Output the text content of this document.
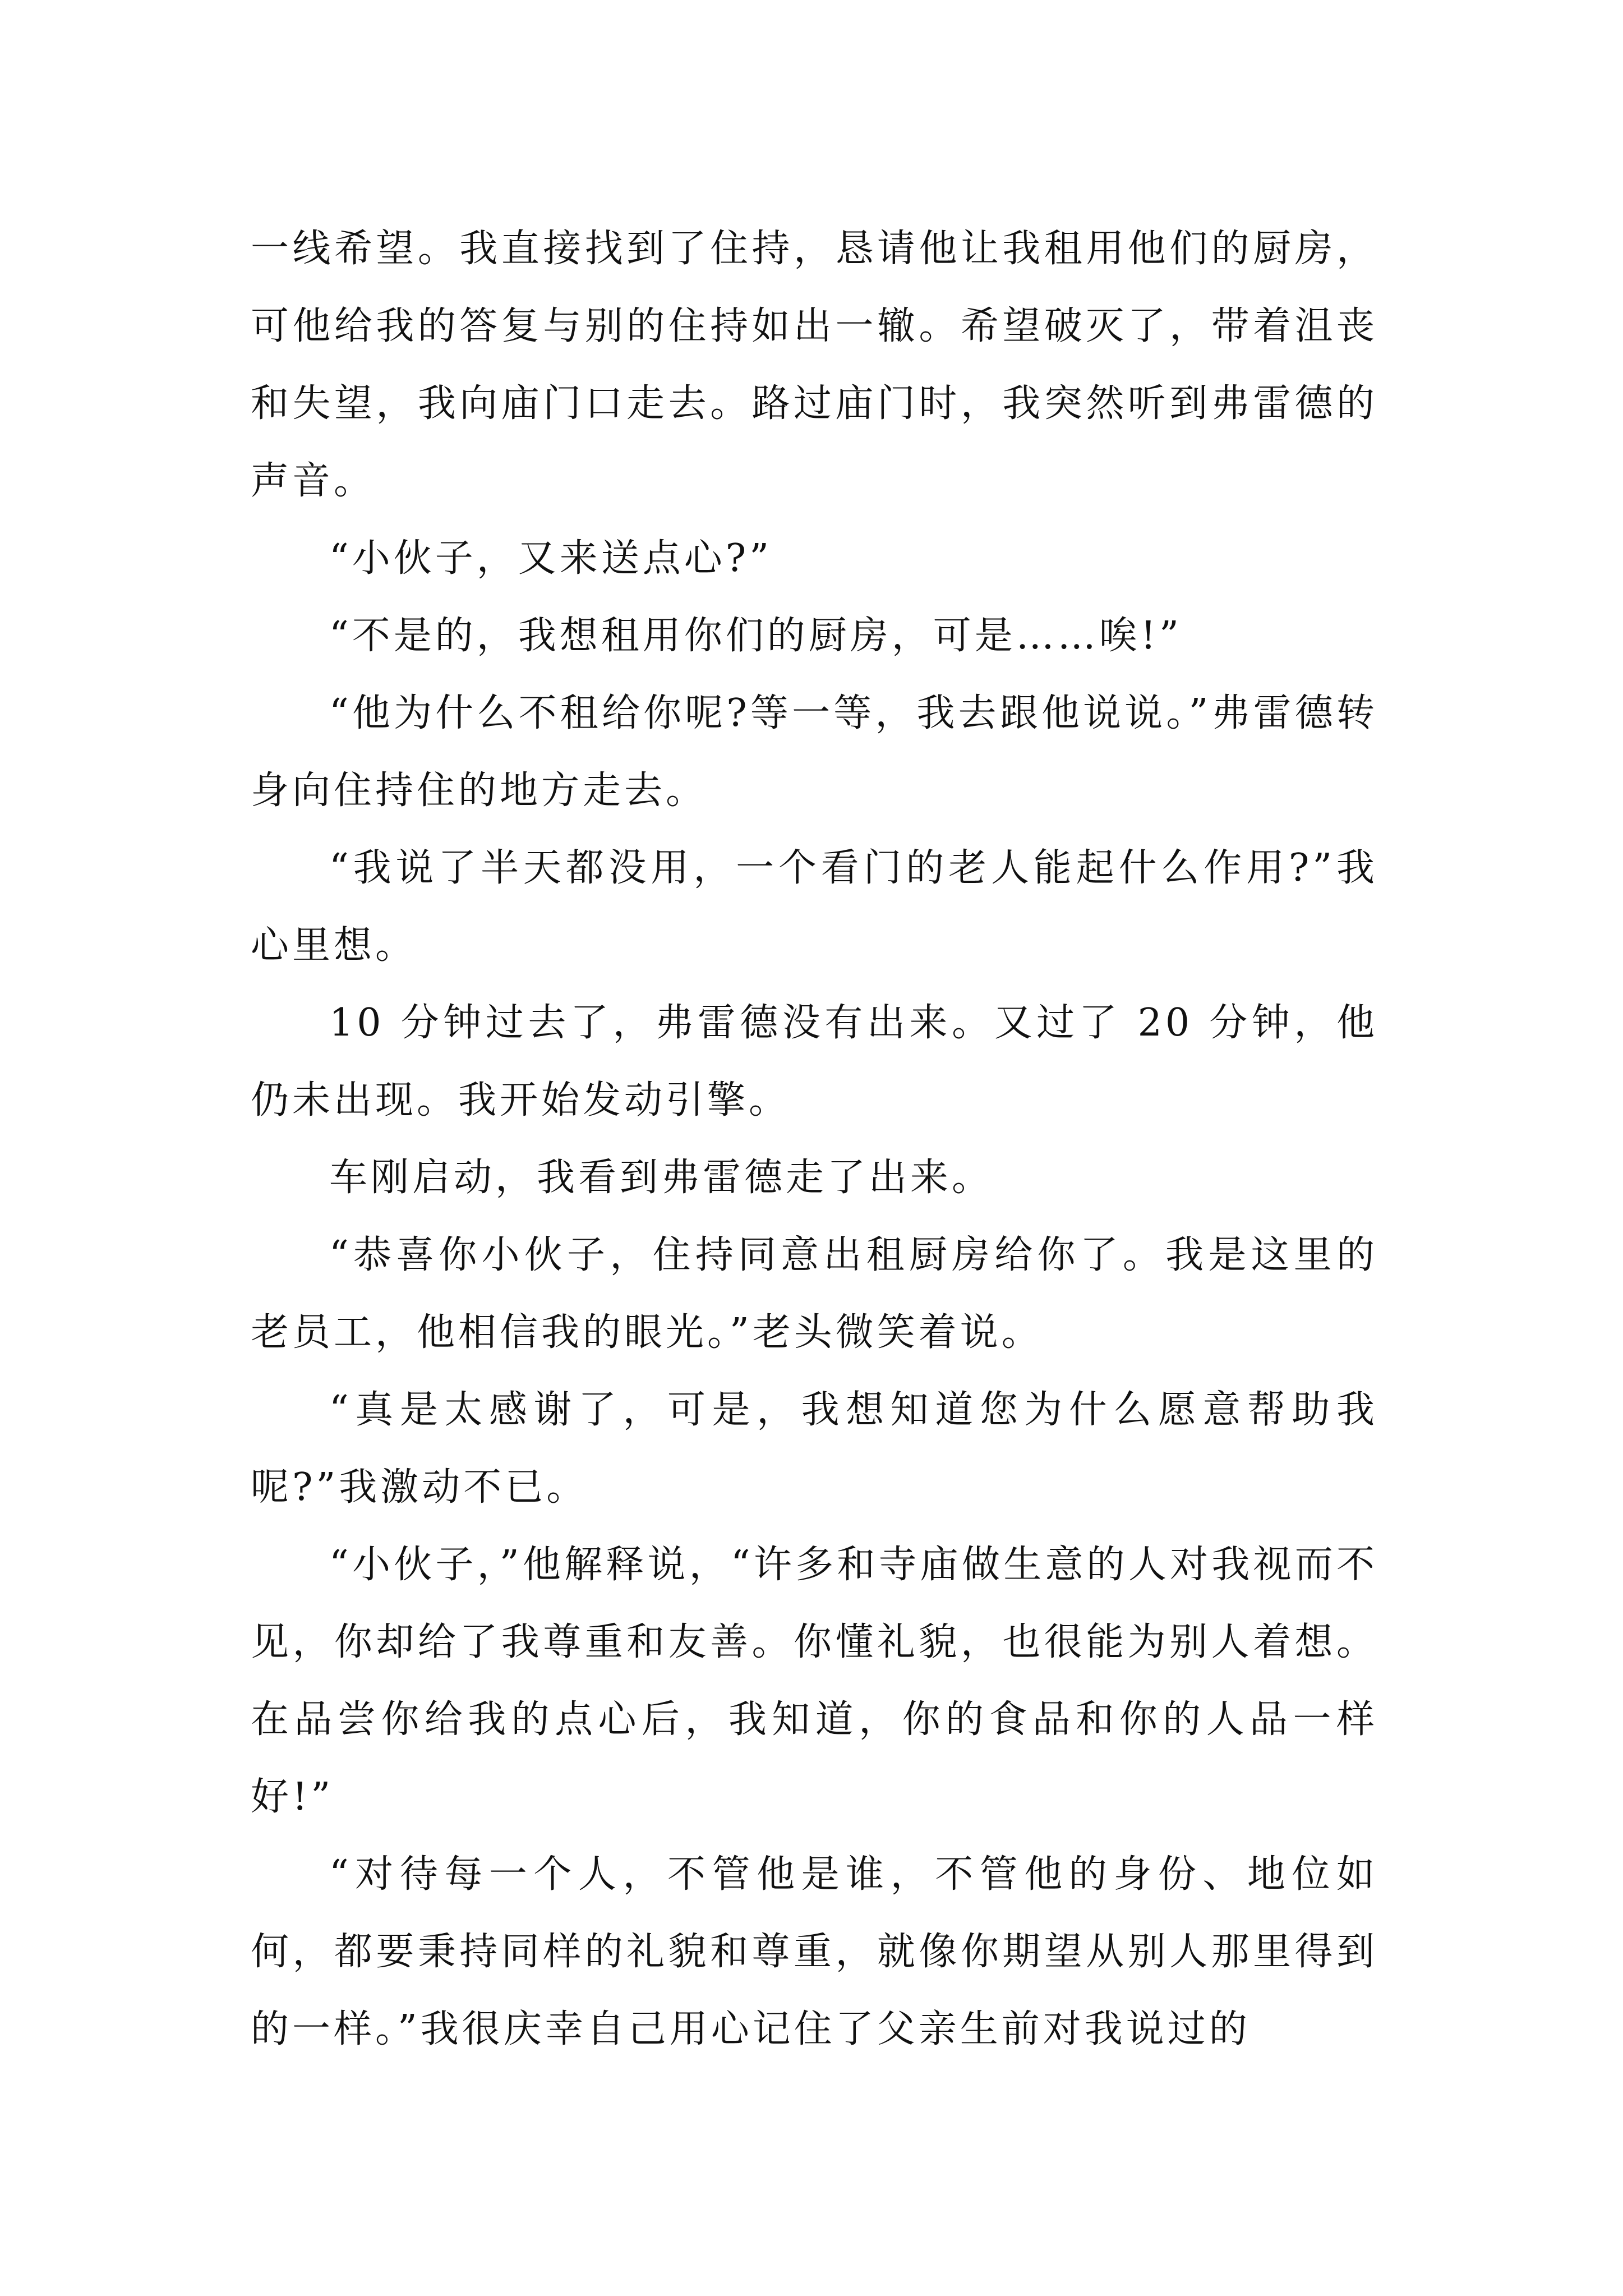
一线希望。我直接找到了住持，恳请他让我租用他们的厨房，可他给我的答复与别的住持如出一辙。希望破灭了，带着沮丧和失望，我向庙门口走去。路过庙门时，我突然听到弗雷德的声音。

“小伙子，又来送点心?”

“不是的，我想租用你们的厨房，可是……唉!”

“他为什么不租给你呢?等一等，我去跟他说说。”弗雷德转身向住持住的地方走去。

“我说了半天都没用，一个看门的老人能起什么作用?”我心里想。

10 分钟过去了，弗雷德没有出来。又过了 20 分钟，他仍未出现。我开始发动引擎。

车刚启动，我看到弗雷德走了出来。

“恭喜你小伙子，住持同意出租厨房给你了。我是这里的老员工，他相信我的眼光。”老头微笑着说。

“真是太感谢了，可是，我想知道您为什么愿意帮助我呢?”我激动不已。

“小伙子，”他解释说，“许多和寺庙做生意的人对我视而不见，你却给了我尊重和友善。你懂礼貌，也很能为别人着想。在品尝你给我的点心后，我知道，你的食品和你的人品一样好!”

“对待每一个人，不管他是谁，不管他的身份、地位如何，都要秉持同样的礼貌和尊重，就像你期望从别人那里得到的一样。”我很庆幸自己用心记住了父亲生前对我说过的
